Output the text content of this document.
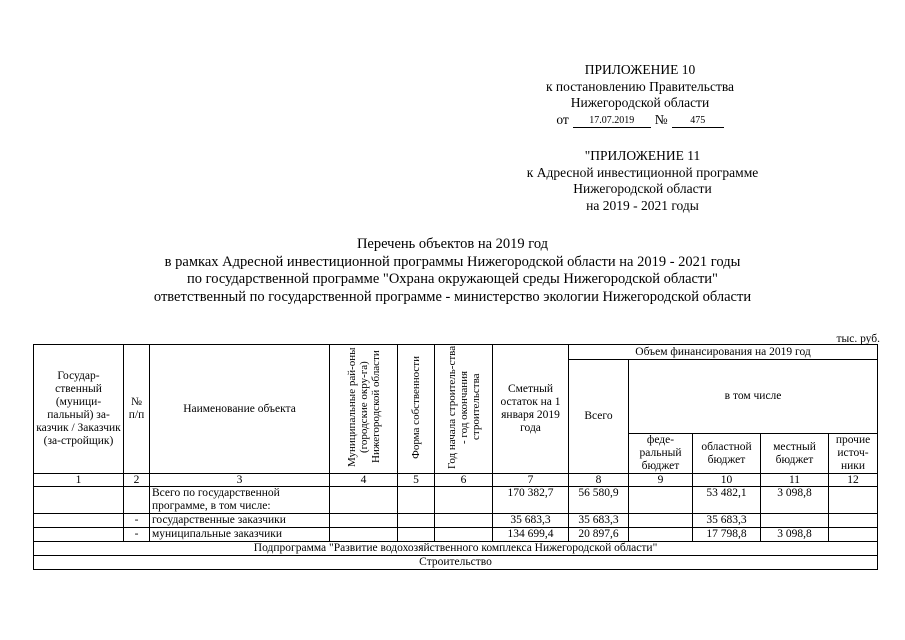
ПРИЛОЖЕНИЕ 10
к постановлению Правительства
Нижегородской области
от	17.07.2019	№	475
"ПРИЛОЖЕНИЕ 11
к Адресной инвестиционной программе
Нижегородской области
на 2019 - 2021 годы
Перечень объектов на 2019 год
в рамках Адресной инвестиционной программы Нижегородской области на 2019 - 2021 годы
по государственной программе "Охрана окружающей среды Нижегородской области"
ответственный по государственной программе - министерство экологии Нижегородской области
тыс. руб.
Государ-ственный (муници-пальный) за-казчик / Заказчик (за-стройщик)	№ п/п	Наименование объекта	Муниципальные рай-оны (городские окру-га) Нижегородской области	Форма собственности	Год начала строитель-ства - год окончания строительства	Сметный остаток на 1 января 2019 года	Объем финансирования на 2019 год				
							Всего	в том числе			
								феде-ральный бюджет	областной бюджет	местный бюджет	прочие источ-ники
1	2	3	4	5	6	7	8	9	10	11	12
		Всего по государственной программе, в том числе:				170 382,7	56 580,9		53 482,1	3 098,8	
	-	государственные заказчики				35 683,3	35 683,3		35 683,3		
	-	муниципальные заказчики				134 699,4	20 897,6		17 798,8	3 098,8	
Подпрограмма "Развитие водохозяйственного комплекса Нижегородской области"											
Строительство											
